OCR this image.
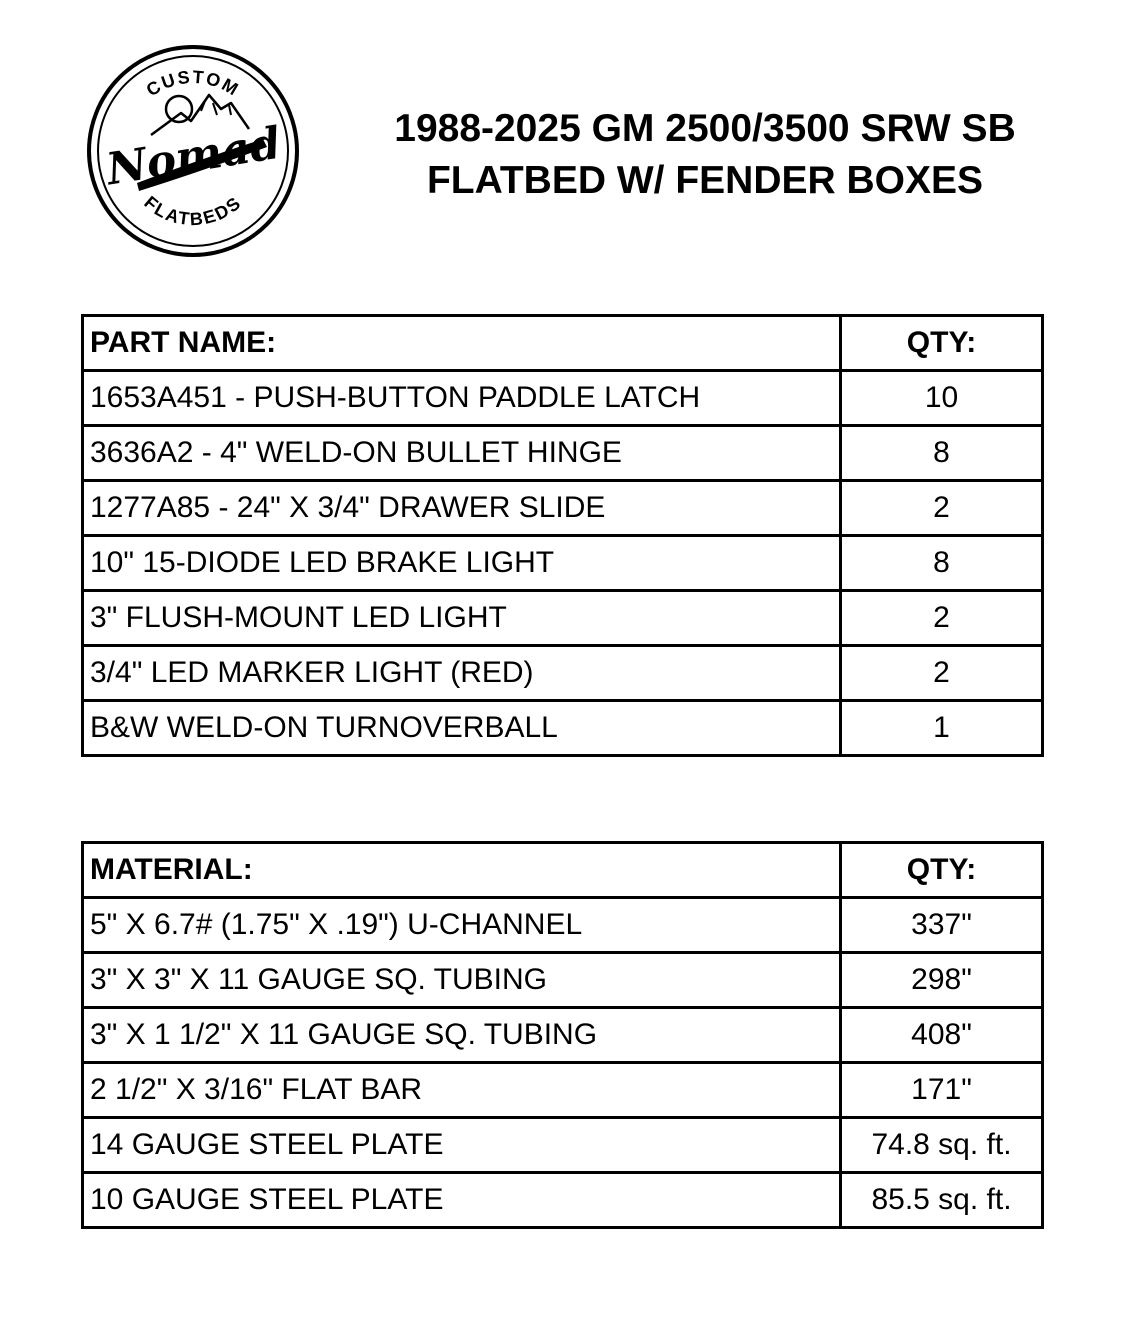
CUSTOM
Nomad
FLATBEDS
1988-2025 GM 2500/3500 SRW SB
FLATBED W/ FENDER BOXES
PART NAME:	QTY:
1653A451 - PUSH-BUTTON PADDLE LATCH	10
3636A2 - 4" WELD-ON BULLET HINGE	8
1277A85 - 24" X 3/4" DRAWER SLIDE	2
10" 15-DIODE LED BRAKE LIGHT	8
3" FLUSH-MOUNT LED LIGHT	2
3/4" LED MARKER LIGHT (RED)	2
B&W WELD-ON TURNOVERBALL	1
MATERIAL:	QTY:
5" X 6.7# (1.75" X .19") U-CHANNEL	337"
3" X 3" X 11 GAUGE SQ. TUBING	298"
3" X 1 1/2" X 11 GAUGE SQ. TUBING	408"
2 1/2" X 3/16" FLAT BAR	171"
14 GAUGE STEEL PLATE	74.8 sq. ft.
10 GAUGE STEEL PLATE	85.5 sq. ft.
